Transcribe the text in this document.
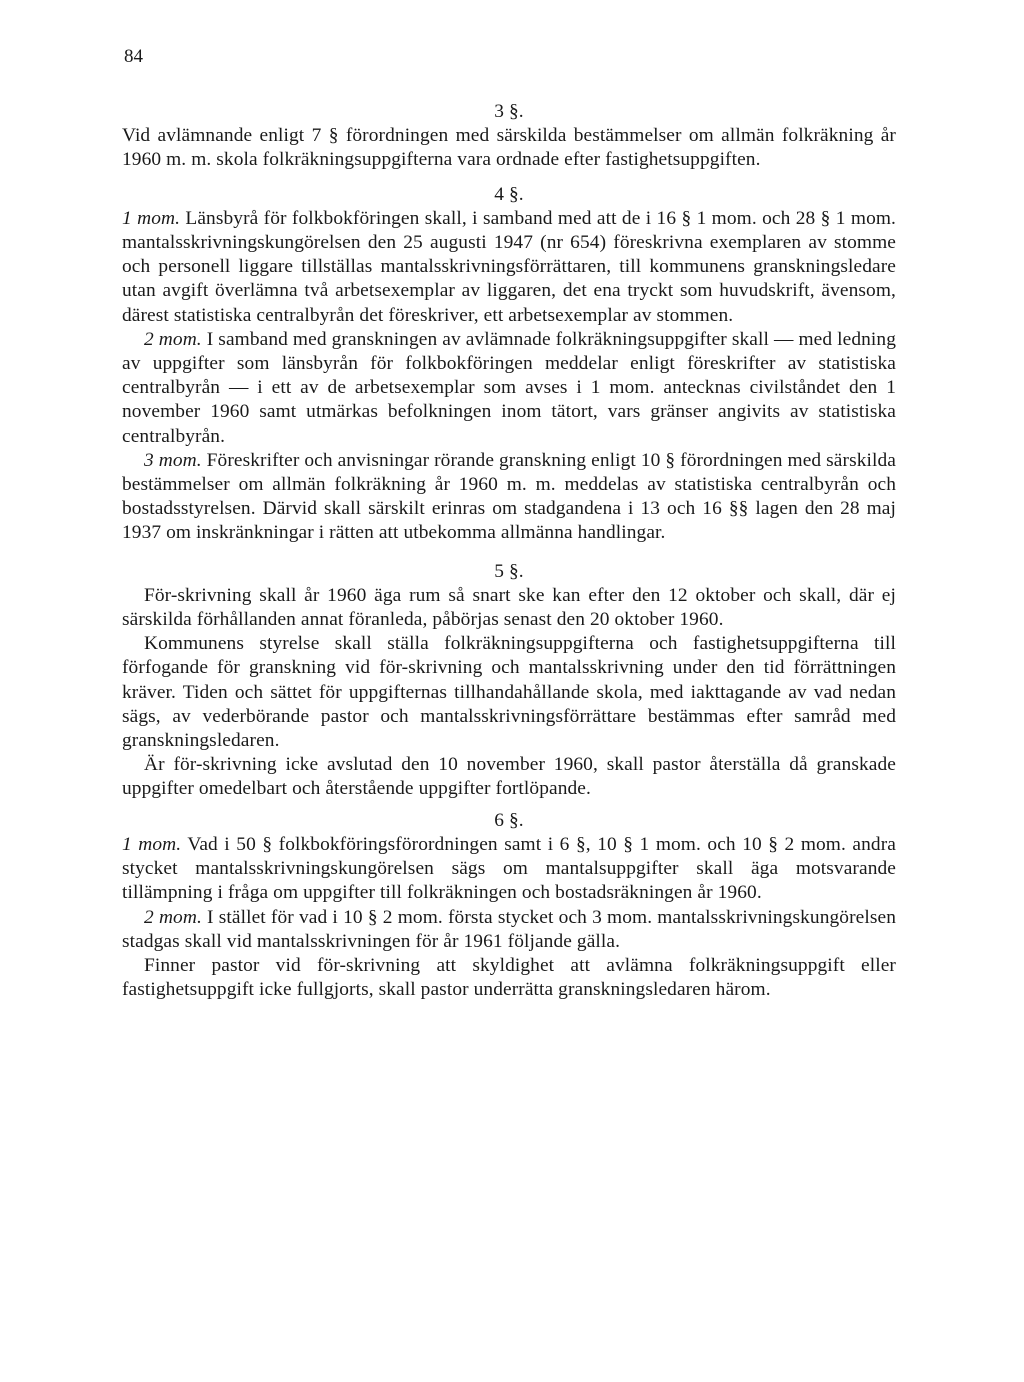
84

3 §.

Vid avlämnande enligt 7 § förordningen med särskilda bestämmelser om allmän folkräkning år 1960 m. m. skola folkräkningsuppgifterna vara ordnade efter fastighetsuppgiften.

4 §.

1 mom. Länsbyrå för folkbokföringen skall, i samband med att de i 16 § 1 mom. och 28 § 1 mom. mantalsskrivningskungörelsen den 25 augusti 1947 (nr 654) föreskrivna exemplaren av stomme och personell liggare tillställas mantalsskrivningsförrättaren, till kommunens granskningsledare utan avgift överlämna två arbetsexemplar av liggaren, det ena tryckt som huvudskrift, ävensom, därest statistiska centralbyrån det föreskriver, ett arbetsexemplar av stommen.

2 mom. I samband med granskningen av avlämnade folkräkningsuppgifter skall — med ledning av uppgifter som länsbyrån för folkbokföringen meddelar enligt föreskrifter av statistiska centralbyrån — i ett av de arbetsexemplar som avses i 1 mom. antecknas civilståndet den 1 november 1960 samt utmärkas befolkningen inom tätort, vars gränser angivits av statistiska centralbyrån.

3 mom. Föreskrifter och anvisningar rörande granskning enligt 10 § förordningen med särskilda bestämmelser om allmän folkräkning år 1960 m. m. meddelas av statistiska centralbyrån och bostadsstyrelsen. Därvid skall särskilt erinras om stadgandena i 13 och 16 §§ lagen den 28 maj 1937 om inskränkningar i rätten att utbekomma allmänna handlingar.

5 §.

För-skrivning skall år 1960 äga rum så snart ske kan efter den 12 oktober och skall, där ej särskilda förhållanden annat föranleda, påbörjas senast den 20 oktober 1960.

Kommunens styrelse skall ställa folkräkningsuppgifterna och fastighetsuppgifterna till förfogande för granskning vid för-skrivning och mantalsskrivning under den tid förrättningen kräver. Tiden och sättet för uppgifternas tillhandahållande skola, med iakttagande av vad nedan sägs, av vederbörande pastor och mantalsskrivningsförrättare bestämmas efter samråd med granskningsledaren.

Är för-skrivning icke avslutad den 10 november 1960, skall pastor återställa då granskade uppgifter omedelbart och återstående uppgifter fortlöpande.

6 §.

1 mom. Vad i 50 § folkbokföringsförordningen samt i 6 §, 10 § 1 mom. och 10 § 2 mom. andra stycket mantalsskrivningskungörelsen sägs om mantalsuppgifter skall äga motsvarande tillämpning i fråga om uppgifter till folkräkningen och bostadsräkningen år 1960.

2 mom. I stället för vad i 10 § 2 mom. första stycket och 3 mom. mantalsskrivningskungörelsen stadgas skall vid mantalsskrivningen för år 1961 följande gälla.

Finner pastor vid för-skrivning att skyldighet att avlämna folkräkningsuppgift eller fastighetsuppgift icke fullgjorts, skall pastor underrätta granskningsledaren härom.
